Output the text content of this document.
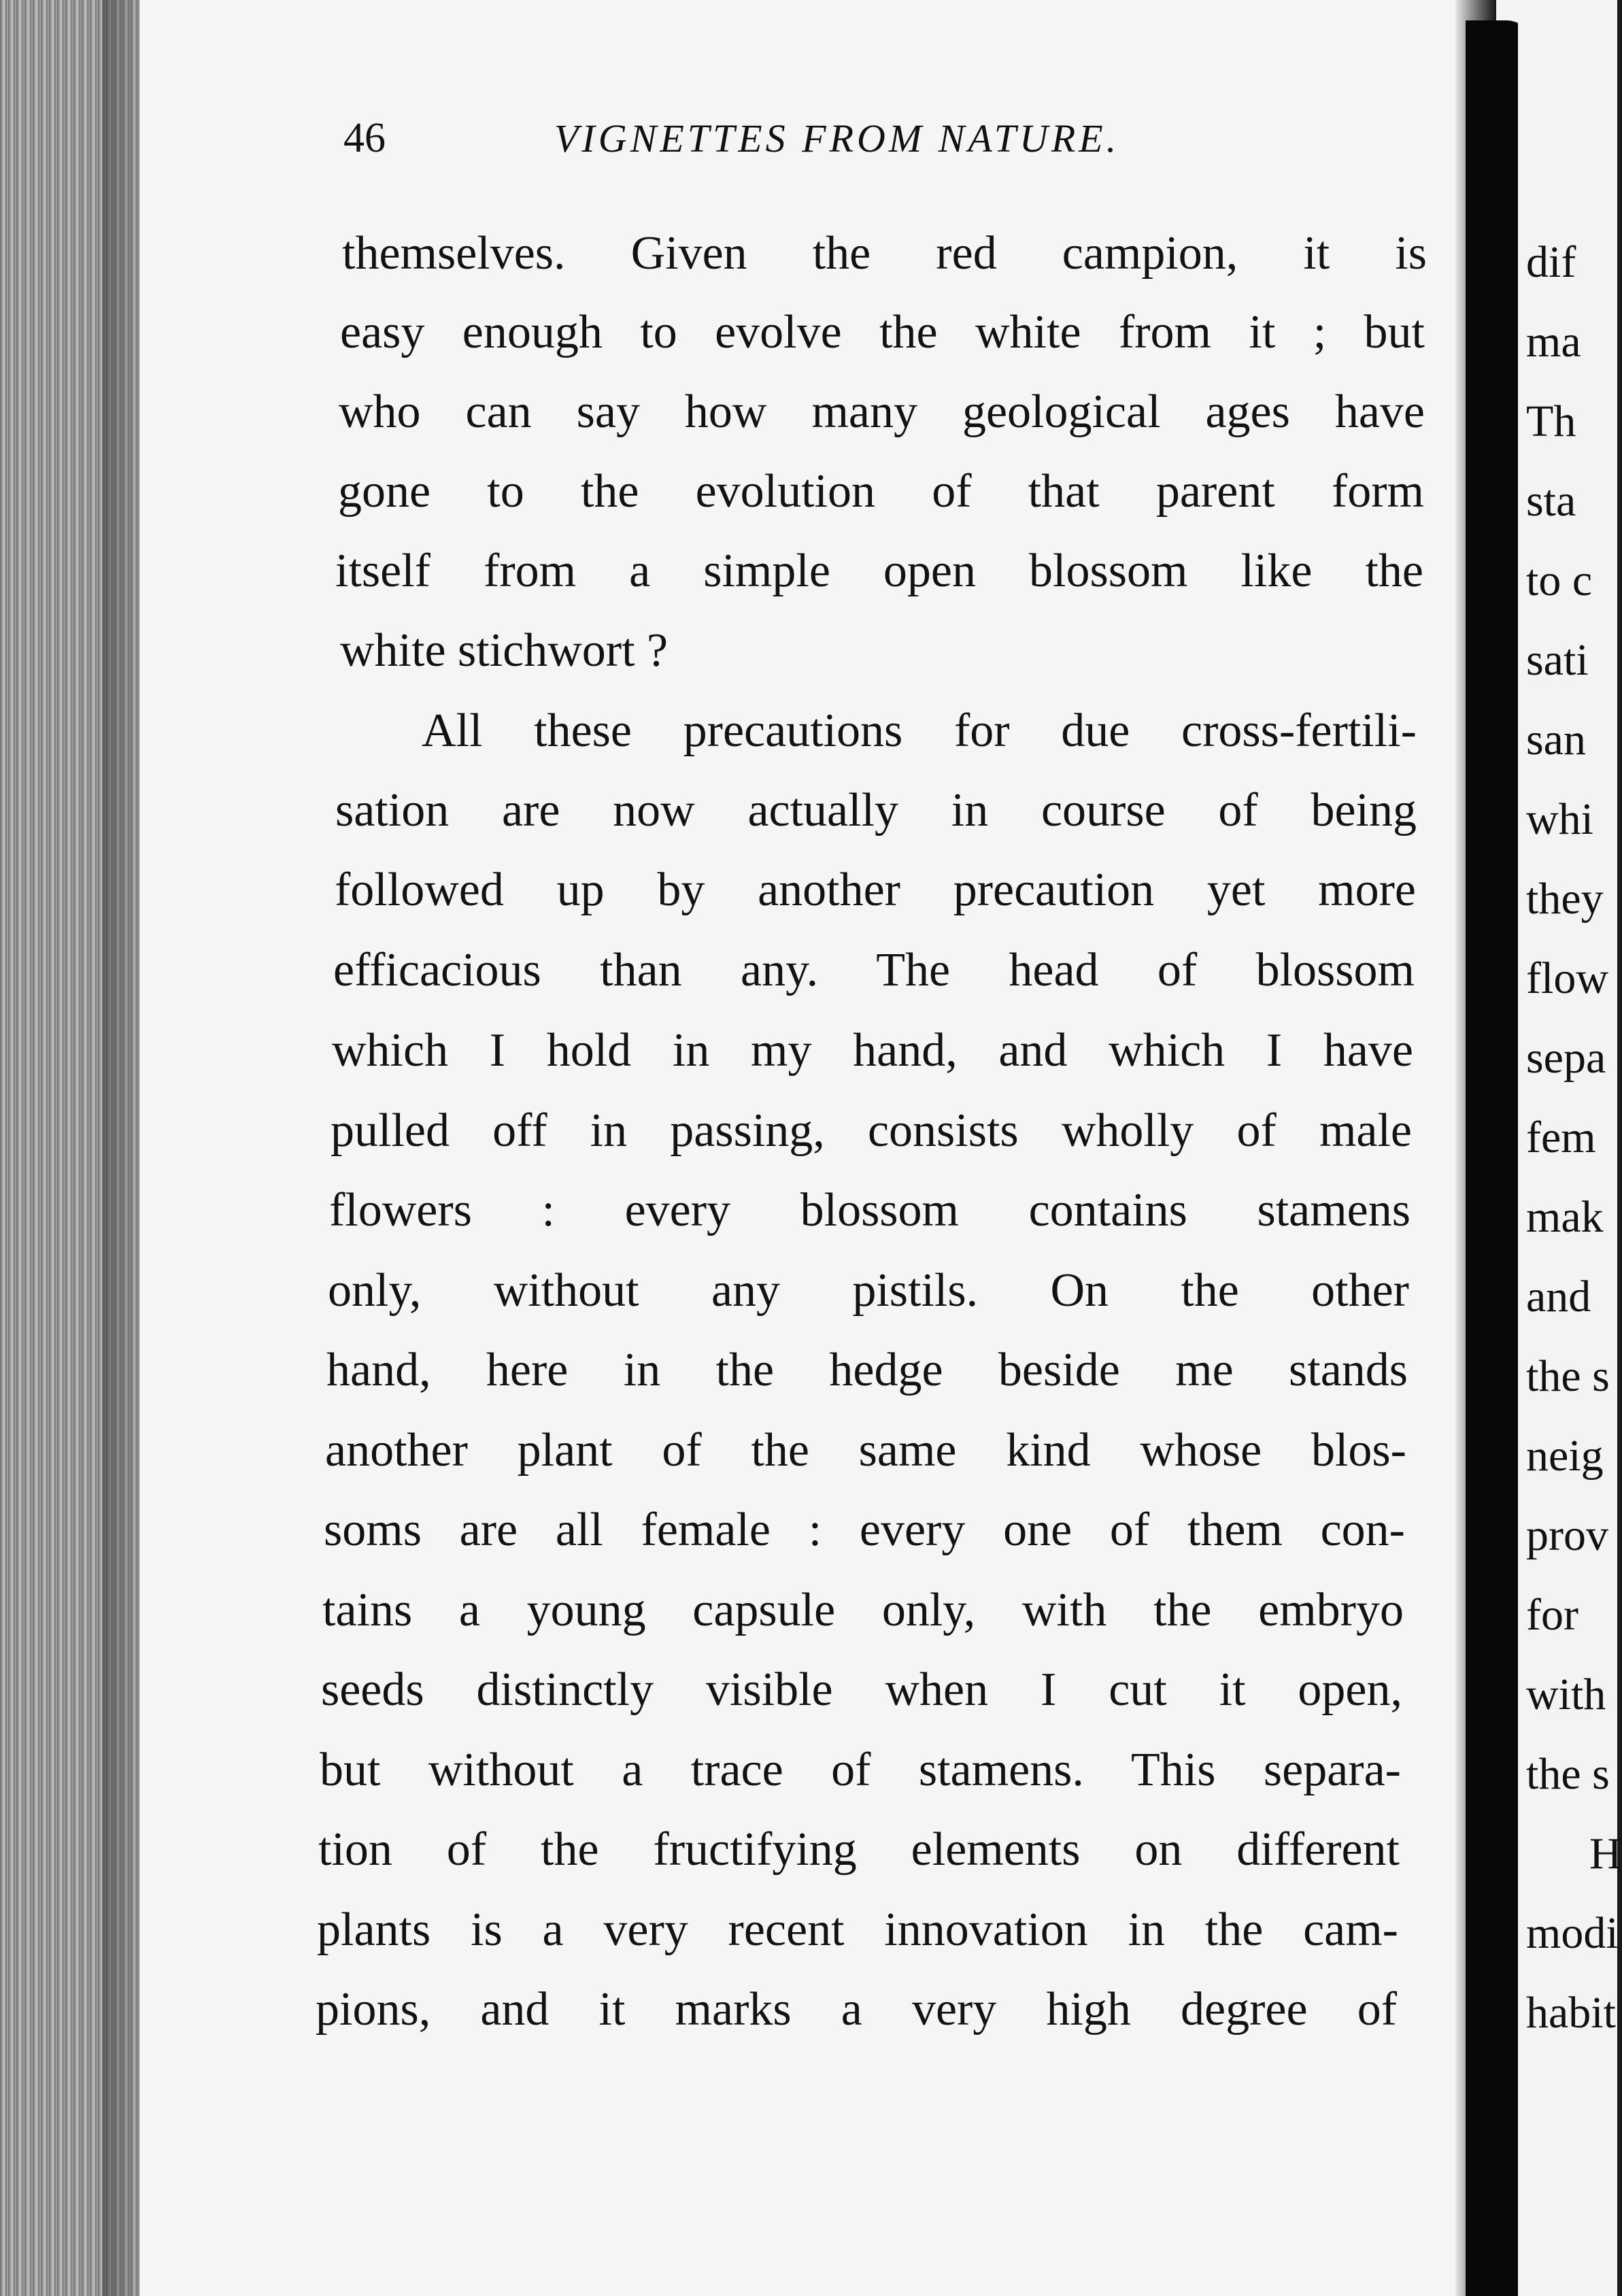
46	VIGNETTES FROM NATURE.
themselves. Given the red campion, it is
easy enough to evolve the white from it ; but
who can say how many geological ages have
gone to the evolution of that parent form
itself from a simple open blossom like the
white stichwort ?
All these precautions for due cross-fertili-
sation are now actually in course of being
followed up by another precaution yet more
efficacious than any. The head of blossom
which I hold in my hand, and which I have
pulled off in passing, consists wholly of male
flowers : every blossom contains stamens
only, without any pistils. On the other
hand, here in the hedge beside me stands
another plant of the same kind whose blos-
soms are all female : every one of them con-
tains a young capsule only, with the embryo
seeds distinctly visible when I cut it open,
but without a trace of stamens. This separa-
tion of the fructifying elements on different
plants is a very recent innovation in the cam-
pions, and it marks a very high degree of
dif
ma
Th
sta
to c
sati
san
whi
they
flow
sepa
fem
mak
and
the s
neig
prov
for
with
the s
H
modi
habit
